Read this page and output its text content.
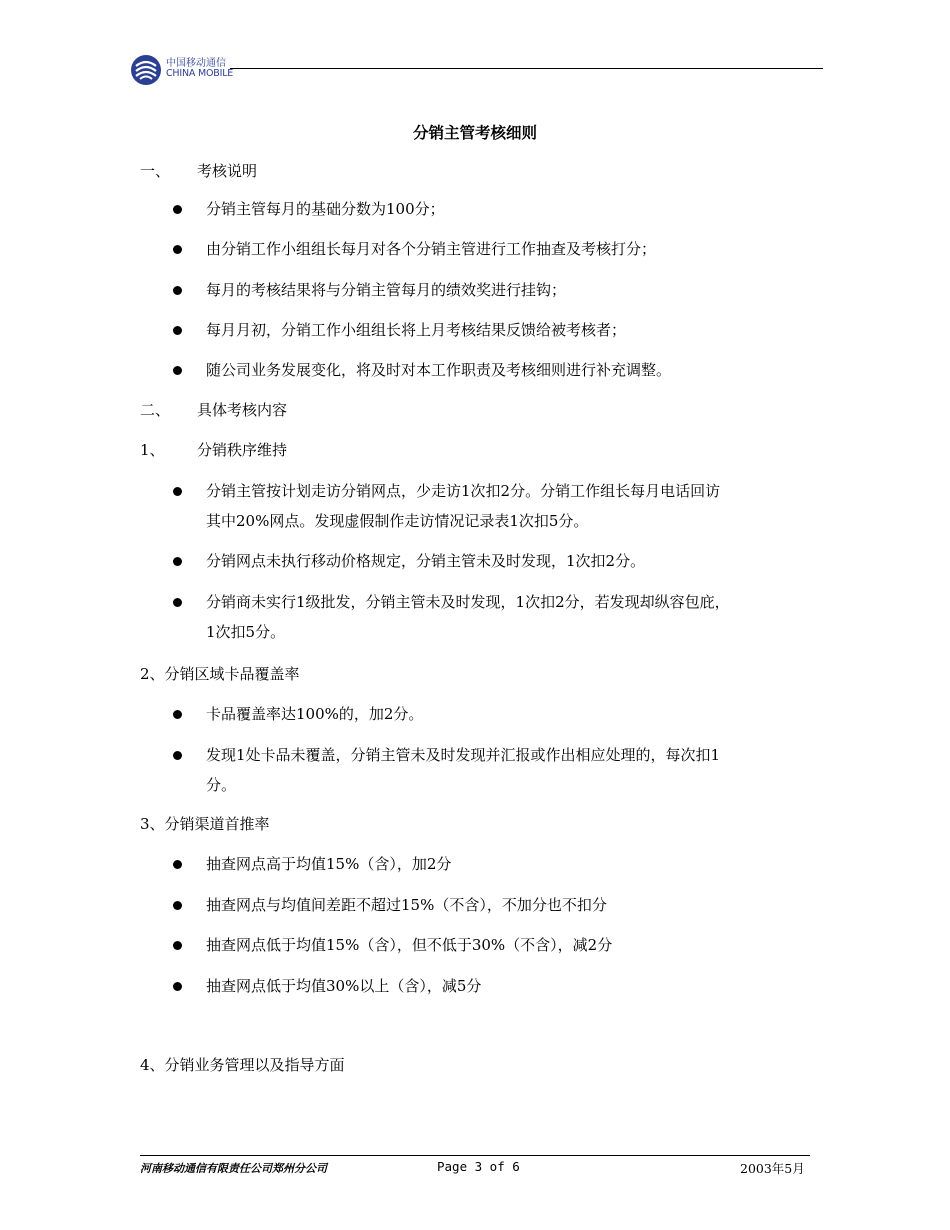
中国移动通信
CHINA MOBILE
分销主管考核细则
一、 考核说明
分销主管每月的基础分数为100分；
由分销工作小组组长每月对各个分销主管进行工作抽查及考核打分；
每月的考核结果将与分销主管每月的绩效奖进行挂钩；
每月月初，分销工作小组组长将上月考核结果反馈给被考核者；
随公司业务发展变化，将及时对本工作职责及考核细则进行补充调整。
二、 具体考核内容
1、 分销秩序维持
分销主管按计划走访分销网点，少走访1次扣2分。分销工作组长每月电话回访
其中20%网点。发现虚假制作走访情况记录表1次扣5分。
分销网点未执行移动价格规定，分销主管未及时发现，1次扣2分。
分销商未实行1级批发，分销主管未及时发现，1次扣2分，若发现却纵容包庇，
1次扣5分。
2、分销区域卡品覆盖率
卡品覆盖率达100%的，加2分。
发现1处卡品未覆盖，分销主管未及时发现并汇报或作出相应处理的，每次扣1
分。
3、分销渠道首推率
抽查网点高于均值15%（含），加2分
抽查网点与均值间差距不超过15%（不含），不加分也不扣分
抽查网点低于均值15%（含），但不低于30%（不含），减2分
抽查网点低于均值30%以上（含），减5分
4、分销业务管理以及指导方面
河南移动通信有限责任公司郑州分公司	Page 3 of 6	2003年5月
